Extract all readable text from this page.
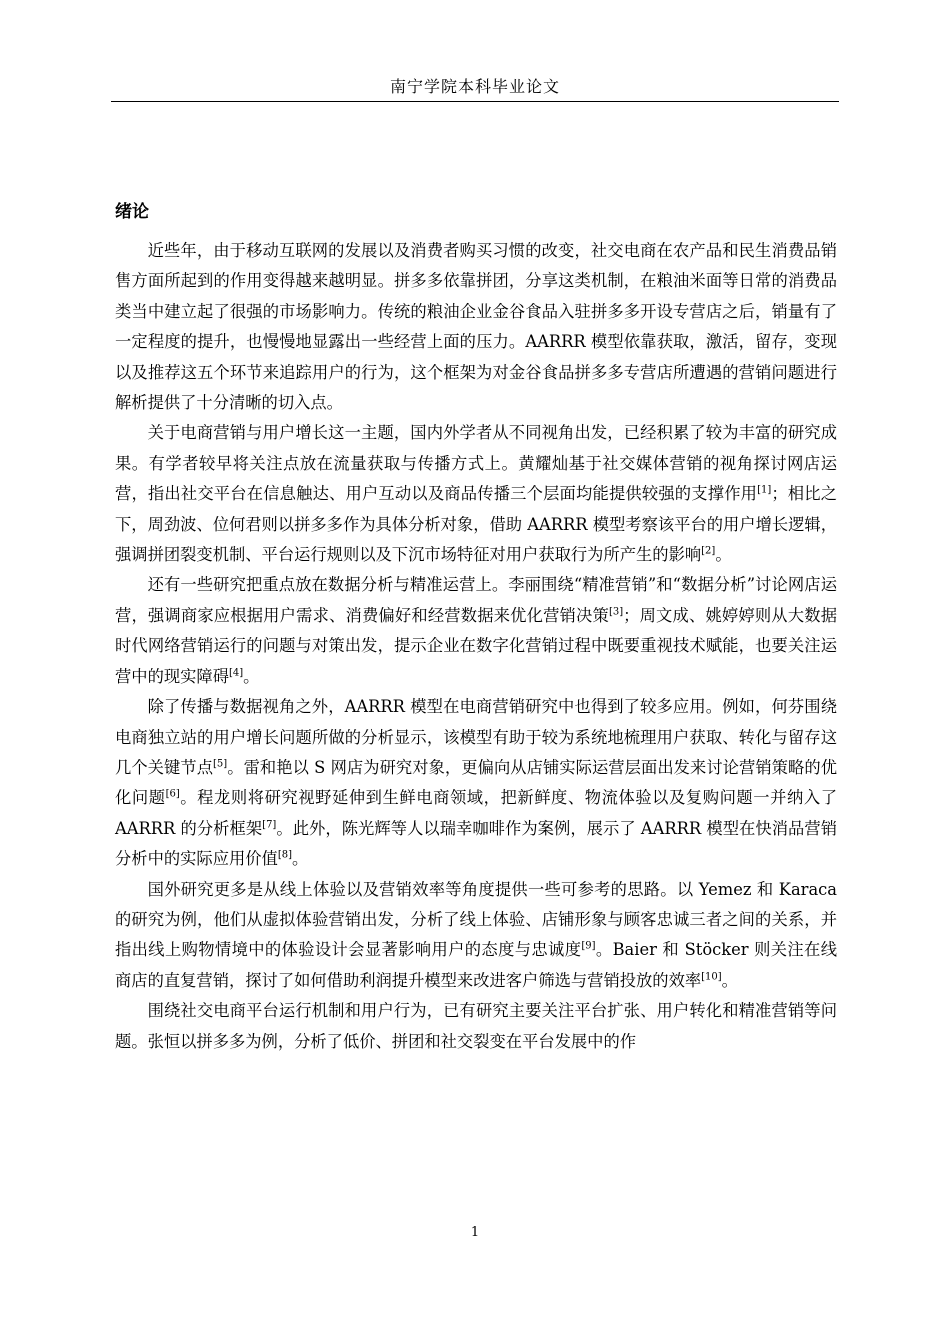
南宁学院本科毕业论文
绪论

近些年，由于移动互联网的发展以及消费者购买习惯的改变，社交电商在农产品和民生消费品销售方面所起到的作用变得越来越明显。拼多多依靠拼团，分享这类机制，在粮油米面等日常的消费品类当中建立起了很强的市场影响力。传统的粮油企业金谷食品入驻拼多多开设专营店之后，销量有了一定程度的提升，也慢慢地显露出一些经营上面的压力。AARRR 模型依靠获取，激活，留存，变现以及推荐这五个环节来追踪用户的行为，这个框架为对金谷食品拼多多专营店所遭遇的营销问题进行解析提供了十分清晰的切入点。

关于电商营销与用户增长这一主题，国内外学者从不同视角出发，已经积累了较为丰富的研究成果。有学者较早将关注点放在流量获取与传播方式上。黄耀灿基于社交媒体营销的视角探讨网店运营，指出社交平台在信息触达、用户互动以及商品传播三个层面均能提供较强的支撑作用[1]；相比之下，周劲波、位何君则以拼多多作为具体分析对象，借助 AARRR 模型考察该平台的用户增长逻辑，强调拼团裂变机制、平台运行规则以及下沉市场特征对用户获取行为所产生的影响[2]。

还有一些研究把重点放在数据分析与精准运营上。李丽围绕“精准营销”和“数据分析”讨论网店运营，强调商家应根据用户需求、消费偏好和经营数据来优化营销决策[3]；周文成、姚婷婷则从大数据时代网络营销运行的问题与对策出发，提示企业在数字化营销过程中既要重视技术赋能，也要关注运营中的现实障碍[4]。

除了传播与数据视角之外，AARRR 模型在电商营销研究中也得到了较多应用。例如，何芬围绕电商独立站的用户增长问题所做的分析显示，该模型有助于较为系统地梳理用户获取、转化与留存这几个关键节点[5]。雷和艳以 S 网店为研究对象，更偏向从店铺实际运营层面出发来讨论营销策略的优化问题[6]。程龙则将研究视野延伸到生鲜电商领域，把新鲜度、物流体验以及复购问题一并纳入了 AARRR 的分析框架[7]。此外，陈光辉等人以瑞幸咖啡作为案例，展示了 AARRR 模型在快消品营销分析中的实际应用价值[8]。

国外研究更多是从线上体验以及营销效率等角度提供一些可参考的思路。以 Yemez 和 Karaca 的研究为例，他们从虚拟体验营销出发，分析了线上体验、店铺形象与顾客忠诚三者之间的关系，并指出线上购物情境中的体验设计会显著影响用户的态度与忠诚度[9]。Baier 和 Stöcker 则关注在线商店的直复营销，探讨了如何借助利润提升模型来改进客户筛选与营销投放的效率[10]。

围绕社交电商平台运行机制和用户行为，已有研究主要关注平台扩张、用户转化和精准营销等问题。张恒以拼多多为例，分析了低价、拼团和社交裂变在平台发展中的作

1
